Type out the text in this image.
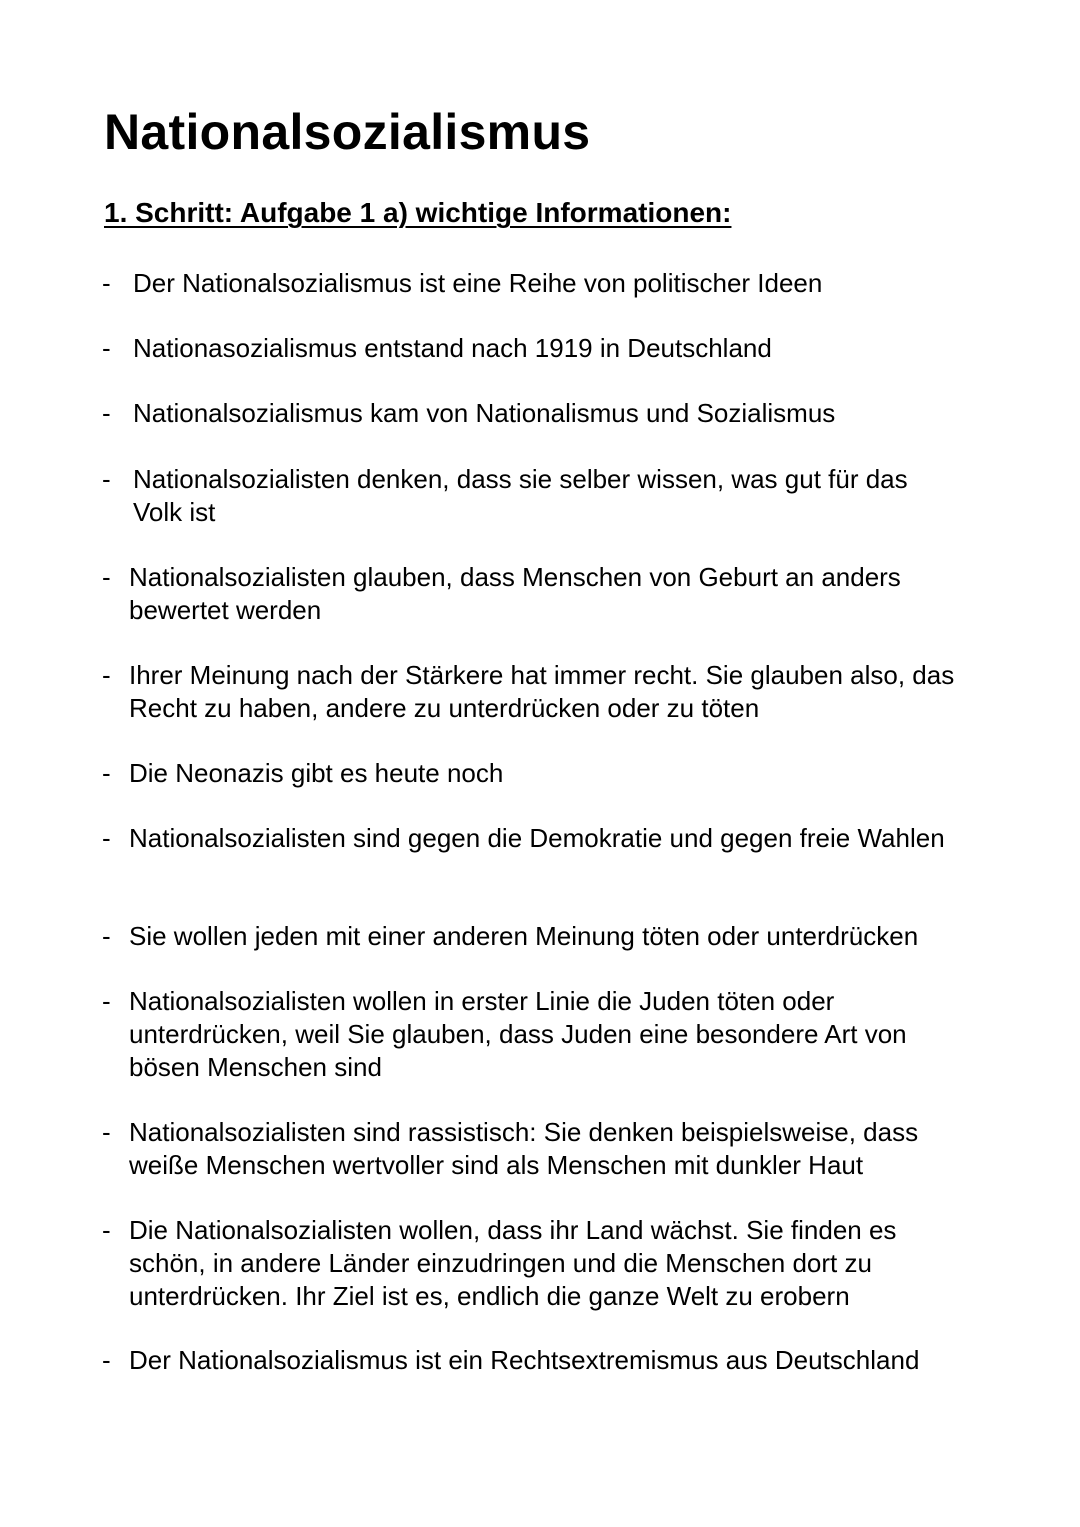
Nationalsozialismus
1. Schritt: Aufgabe 1 a) wichtige Informationen:
- Der Nationalsozialismus ist eine Reihe von politischer Ideen
- Nationasozialismus entstand nach 1919 in Deutschland
- Nationalsozialismus kam von Nationalismus und Sozialismus
- Nationalsozialisten denken, dass sie selber wissen, was gut für das Volk ist
- Nationalsozialisten glauben, dass Menschen von Geburt an anders bewertet werden
- Ihrer Meinung nach der Stärkere hat immer recht. Sie glauben also, das Recht zu haben, andere zu unterdrücken oder zu töten
- Die Neonazis gibt es heute noch
- Nationalsozialisten sind gegen die Demokratie und gegen freie Wahlen
- Sie wollen jeden mit einer anderen Meinung töten oder unterdrücken
- Nationalsozialisten wollen in erster Linie die Juden töten oder unterdrücken, weil Sie glauben, dass Juden eine besondere Art von bösen Menschen sind
- Nationalsozialisten sind rassistisch: Sie denken beispielsweise, dass weiße Menschen wertvoller sind als Menschen mit dunkler Haut
- Die Nationalsozialisten wollen, dass ihr Land wächst. Sie finden es schön, in andere Länder einzudringen und die Menschen dort zu unterdrücken. Ihr Ziel ist es, endlich die ganze Welt zu erobern
- Der Nationalsozialismus ist ein Rechtsextremismus aus Deutschland
